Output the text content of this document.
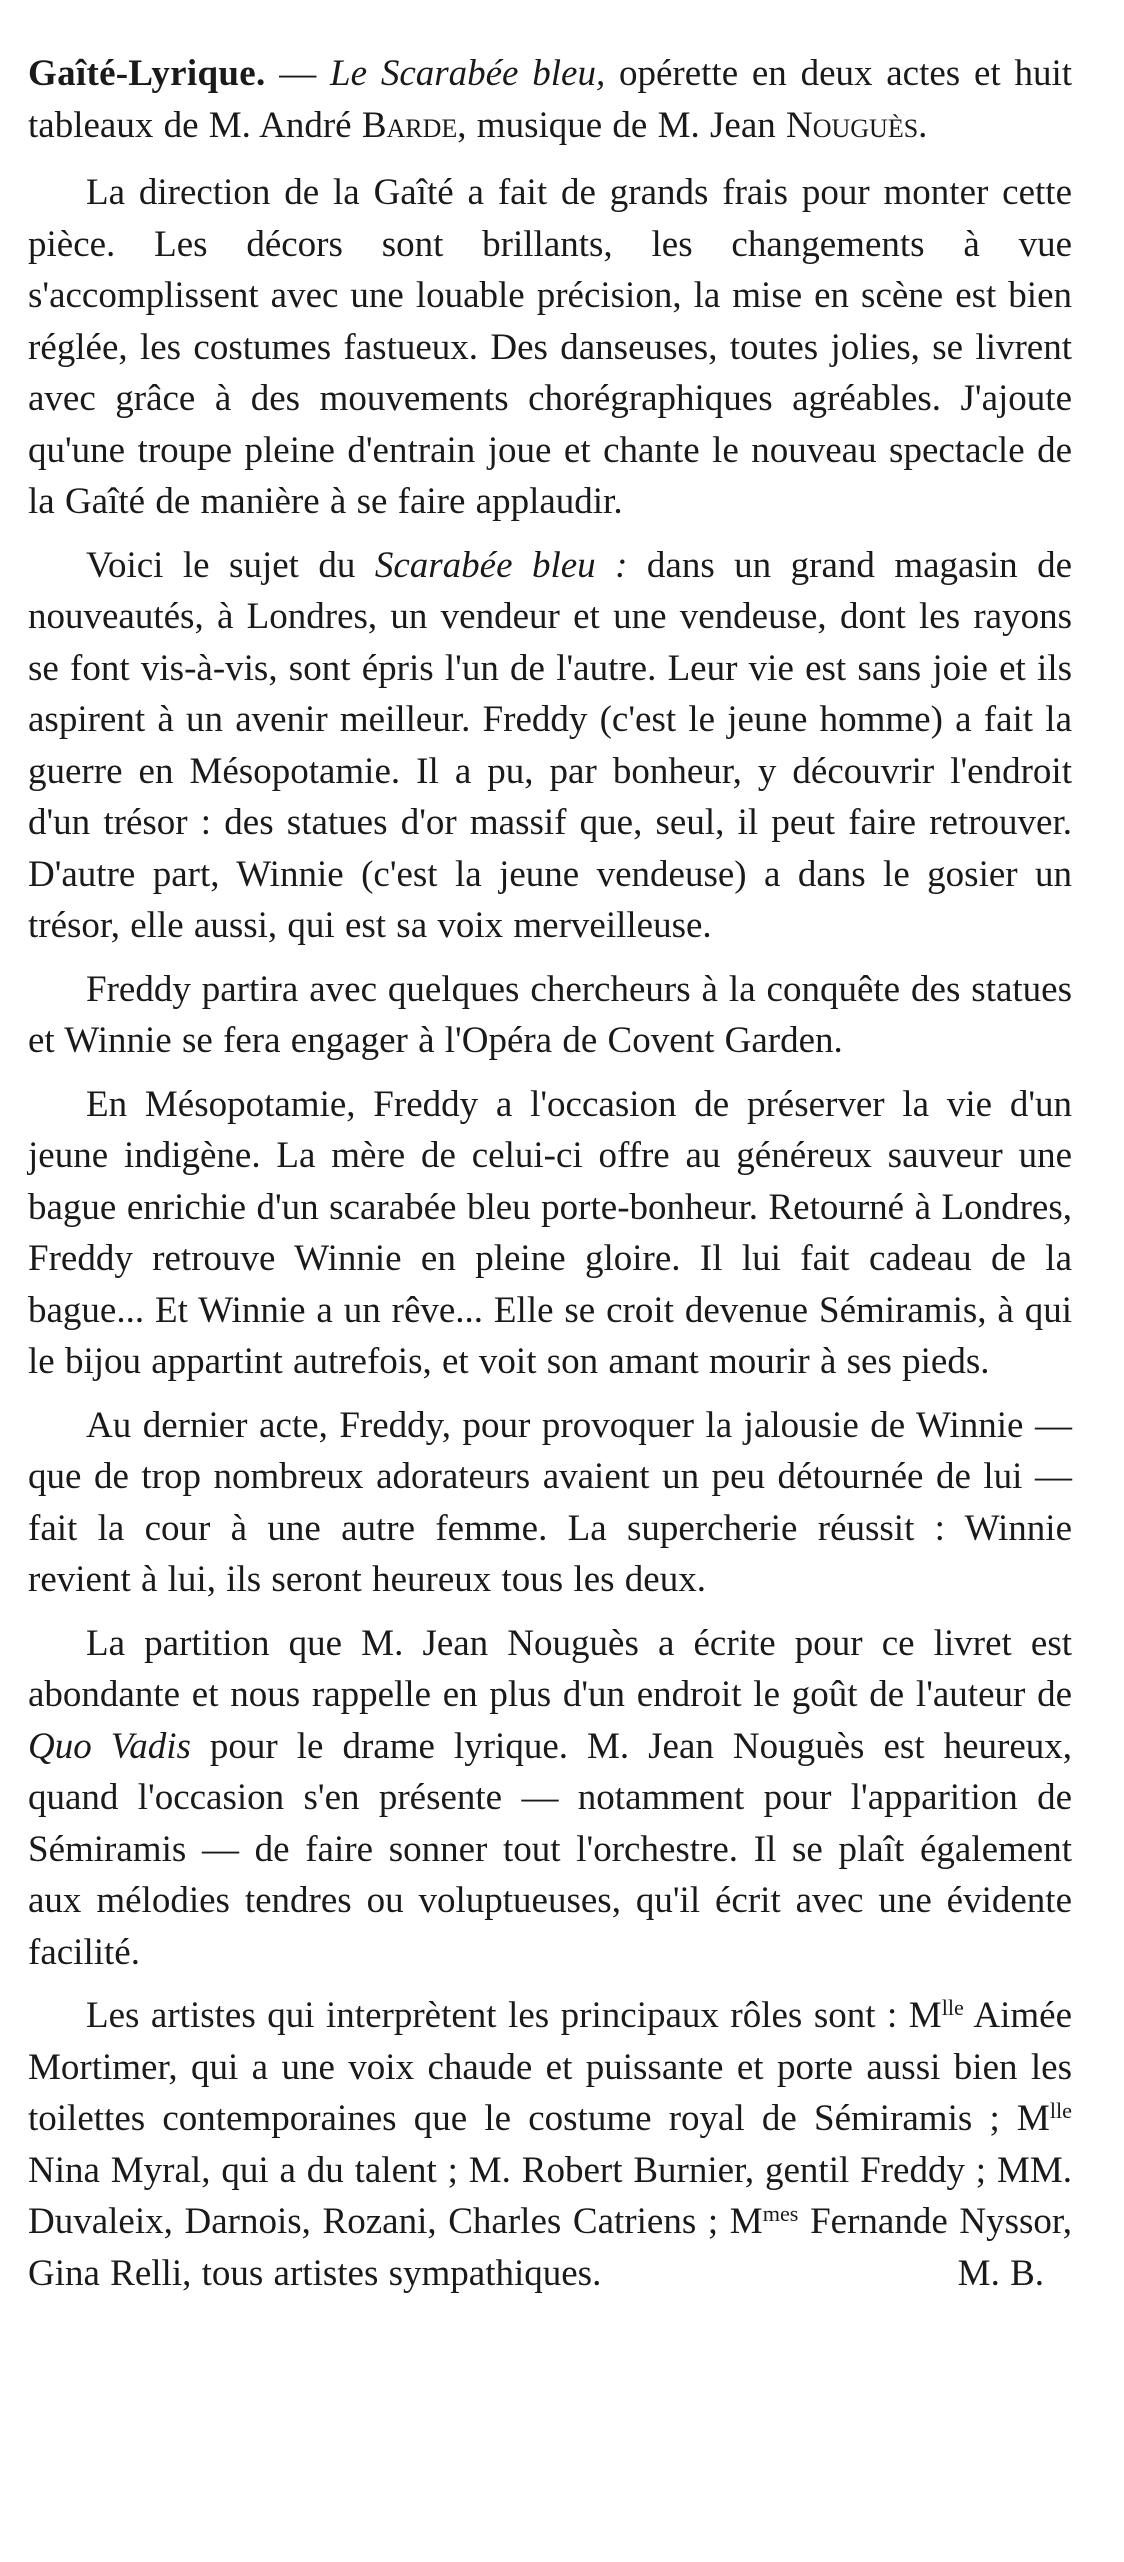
Gaîté-Lyrique. — Le Scarabée bleu, opérette en deux actes et huit tableaux de M. André Barde, musique de M. Jean Nouguès.

La direction de la Gaîté a fait de grands frais pour monter cette pièce. Les décors sont brillants, les changements à vue s'accomplissent avec une louable précision, la mise en scène est bien réglée, les costumes fastueux. Des danseuses, toutes jolies, se livrent avec grâce à des mouvements chorégraphiques agréables. J'ajoute qu'une troupe pleine d'entrain joue et chante le nouveau spectacle de la Gaîté de manière à se faire applaudir.

Voici le sujet du Scarabée bleu : dans un grand magasin de nouveautés, à Londres, un vendeur et une vendeuse, dont les rayons se font vis-à-vis, sont épris l'un de l'autre. Leur vie est sans joie et ils aspirent à un avenir meilleur. Freddy (c'est le jeune homme) a fait la guerre en Mésopotamie. Il a pu, par bonheur, y découvrir l'endroit d'un trésor : des statues d'or massif que, seul, il peut faire retrouver. D'autre part, Winnie (c'est la jeune vendeuse) a dans le gosier un trésor, elle aussi, qui est sa voix merveilleuse.

Freddy partira avec quelques chercheurs à la conquête des statues et Winnie se fera engager à l'Opéra de Covent Garden.

En Mésopotamie, Freddy a l'occasion de préserver la vie d'un jeune indigène. La mère de celui-ci offre au généreux sauveur une bague enrichie d'un scarabée bleu porte-bonheur. Retourné à Londres, Freddy retrouve Winnie en pleine gloire. Il lui fait cadeau de la bague... Et Winnie a un rêve... Elle se croit devenue Sémiramis, à qui le bijou appartint autrefois, et voit son amant mourir à ses pieds.

Au dernier acte, Freddy, pour provoquer la jalousie de Winnie — que de trop nombreux adorateurs avaient un peu détournée de lui — fait la cour à une autre femme. La supercherie réussit : Winnie revient à lui, ils seront heureux tous les deux.

La partition que M. Jean Nouguès a écrite pour ce livret est abondante et nous rappelle en plus d'un endroit le goût de l'auteur de Quo Vadis pour le drame lyrique. M. Jean Nouguès est heureux, quand l'occasion s'en présente — notamment pour l'apparition de Sémiramis — de faire sonner tout l'orchestre. Il se plaît également aux mélodies tendres ou voluptueuses, qu'il écrit avec une évidente facilité.

Les artistes qui interprètent les principaux rôles sont : $M^{lle}$ Aimée Mortimer, qui a une voix chaude et puissante et porte aussi bien les toilettes contemporaines que le costume royal de Sémiramis ; $M^{lle}$ Nina Myral, qui a du talent ; M. Robert Burnier, gentil Freddy ; MM. Duvaleix, Darnois, Rozani, Charles Catriens ; $M^{mes}$ Fernande Nyssor, Gina Relli, tous artistes sympathiques.	M. B.
